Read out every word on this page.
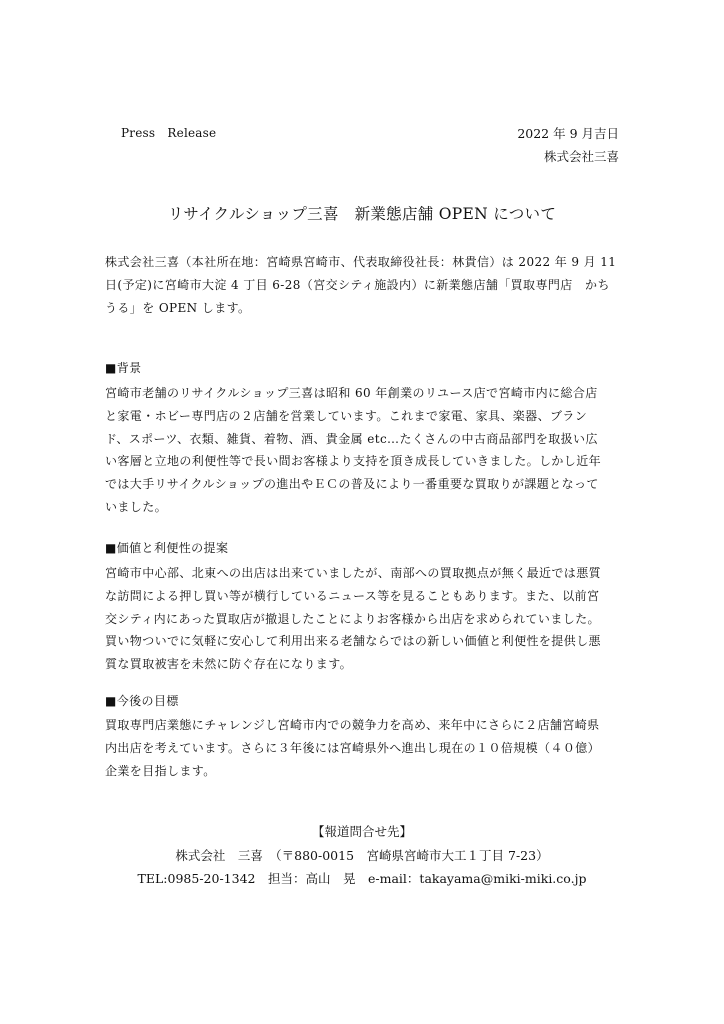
Press　Release	2022 年 9 月吉日
株式会社三喜
リサイクルショップ三喜　新業態店舗 OPEN について

株式会社三喜（本社所在地：宮崎県宮崎市、代表取締役社長：林貴信）は 2022 年 9 月 11

日(予定)に宮崎市大淀 4 丁目 6-28（宮交シティ施設内）に新業態店舗「買取専門店　かち

うる」を OPEN します。

■背景

宮崎市老舗のリサイクルショップ三喜は昭和 60 年創業のリユース店で宮崎市内に総合店

と家電・ホビー専門店の２店舗を営業しています。これまで家電、家具、楽器、ブラン

ド、スポーツ、衣類、雑貨、着物、酒、貴金属 etc…たくさんの中古商品部門を取扱い広

い客層と立地の利便性等で長い間お客様より支持を頂き成長していきました。しかし近年

では大手リサイクルショップの進出やＥＣの普及により一番重要な買取りが課題となって

いました。

■価値と利便性の提案

宮崎市中心部、北東への出店は出来ていましたが、南部への買取拠点が無く最近では悪質

な訪問による押し買い等が横行しているニュース等を見ることもあります。また、以前宮

交シティ内にあった買取店が撤退したことによりお客様から出店を求められていました。

買い物ついでに気軽に安心して利用出来る老舗ならではの新しい価値と利便性を提供し悪

質な買取被害を未然に防ぐ存在になります。

■今後の目標

買取専門店業態にチャレンジし宮崎市内での競争力を高め、来年中にさらに２店舗宮崎県

内出店を考えています。さらに３年後には宮崎県外へ進出し現在の１０倍規模（４０億）

企業を目指します。

【報道問合せ先】
株式会社　三喜　（〒880-0015　宮崎県宮崎市大工１丁目 7-23）
TEL:0985-20-1342　担当：高山　晃　e-mail：takayama@miki-miki.co.jp
